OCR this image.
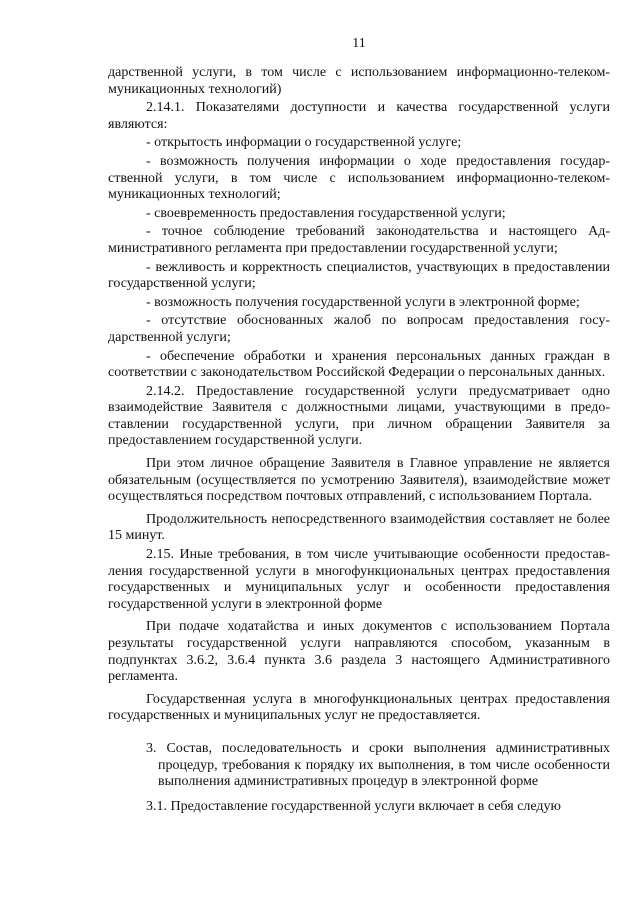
11

дарственной услуги, в том числе с использованием информационно-телекоммуникационных технологий)

2.14.1. Показателями доступности и качества государственной услуги являются:

- открытость информации о государственной услуге;

- возможность получения информации о ходе предоставления государственной услуги, в том числе с использованием информационно-телекоммуникационных технологий;

- своевременность предоставления государственной услуги;

- точное соблюдение требований законодательства и настоящего Административного регламента при предоставлении государственной услуги;

- вежливость и корректность специалистов, участвующих в предоставлении государственной услуги;

- возможность получения государственной услуги в электронной форме;

- отсутствие обоснованных жалоб по вопросам предоставления государственной услуги;

- обеспечение обработки и хранения персональных данных граждан в соответствии с законодательством Российской Федерации о персональных данных.

2.14.2. Предоставление государственной услуги предусматривает одно взаимодействие Заявителя с должностными лицами, участвующими в предоставлении государственной услуги, при личном обращении Заявителя за предоставлением государственной услуги.

При этом личное обращение Заявителя в Главное управление не является обязательным (осуществляется по усмотрению Заявителя), взаимодействие может осуществляться посредством почтовых отправлений, с использованием Портала.

Продолжительность непосредственного взаимодействия составляет не более 15 минут.

2.15. Иные требования, в том числе учитывающие особенности предоставления государственной услуги в многофункциональных центрах предоставления государственных и муниципальных услуг и особенности предоставления государственной услуги в электронной форме

При подаче ходатайства и иных документов с использованием Портала результаты государственной услуги направляются способом, указанным в подпунктах 3.6.2, 3.6.4 пункта 3.6 раздела 3 настоящего Административного регламента.

Государственная услуга в многофункциональных центрах предоставления государственных и муниципальных услуг не предоставляется.

3. Состав, последовательность и сроки выполнения административных процедур, требования к порядку их выполнения, в том числе особенности выполнения административных процедур в электронной форме

3.1. Предоставление государственной услуги включает в себя следую
